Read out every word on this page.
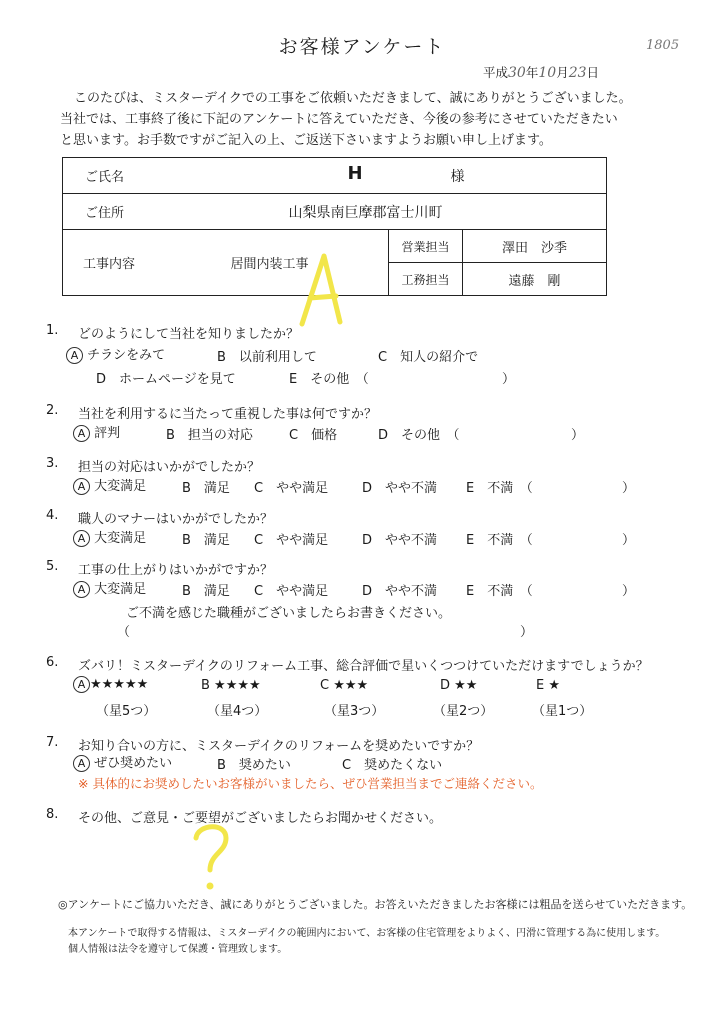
お客様アンケート	1805
平成30年10月23日
このたびは、ミスターデイクでの工事をご依頼いただきまして、誠にありがとうございました。
当社では、工事終了後に下記のアンケートに答えていただき、今後の参考にさせていただきたい
と思います。お手数ですがご記入の上、ご返送下さいますようお願い申し上げます。
ご氏名	H 様		

ご住所	山梨県南巨摩郡富士川町		
工事内容	居間内装工事	営業担当	澤田　沙季
		工務担当	遠藤　剛
1. どのようにして当社を知りましたか？
A チラシをみて	B　以前利用して	C　知人の紹介で
D　ホームページを見て	E　その他　（	）
2. 当社を利用するに当たって重視した事は何ですか？
A 評判	B　担当の対応	C　価格	D　その他　（	）
3. 担当の対応はいかがでしたか？
A 大変満足	B　満足 C　やや満足	D　やや不満 E　不満　（	）
4. 職人のマナーはいかがでしたか？
A 大変満足	B　満足 C　やや満足	D　やや不満 E　不満　（	）
5. 工事の仕上がりはいかがですか？
A 大変満足	B　満足 C　やや満足	D　やや不満 E　不満　（	）
ご不満を感じた職種がございましたらお書きください。
（	）
6. ズバリ！ミスターデイクのリフォーム工事、総合評価で星いくつつけていただけますでしょうか？
A ★★★★★	B ★★★★	C ★★★	D ★★	E ★
（星5つ）	（星4つ）	（星3つ）	（星2つ）	（星1つ）
7. お知り合いの方に、ミスターデイクのリフォームを奨めたいですか？
A ぜひ奨めたい	B　奨めたい	C　奨めたくない
※ 具体的にお奨めしたいお客様がいましたら、ぜひ営業担当までご連絡ください。
8. その他、ご意見・ご要望がございましたらお聞かせください。
◎アンケートにご協力いただき、誠にありがとうございました。お答えいただきましたお客様には粗品を送らせていただきます。
本アンケートで取得する情報は、ミスターデイクの範囲内において、お客様の住宅管理をよりよく、円滑に管理する為に使用します。
個人情報は法令を遵守して保護・管理致します。
